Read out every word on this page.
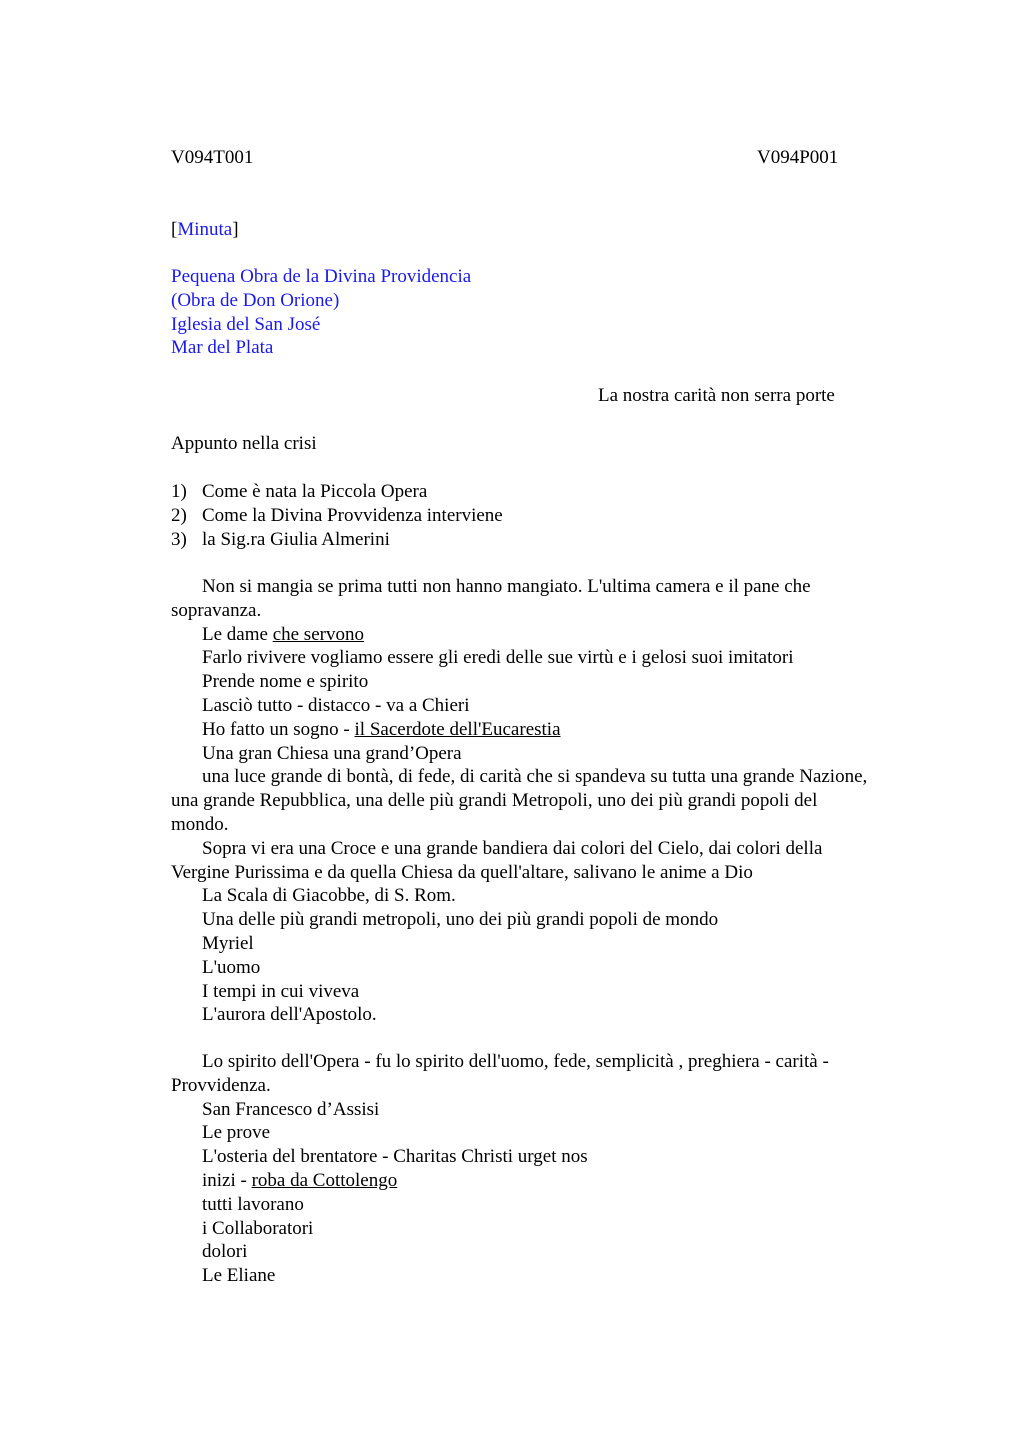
V094T001	V094P001
[Minuta]
Pequena Obra de la Divina Providencia
(Obra de Don Orione)
Iglesia del San José
Mar del Plata
La nostra carità non serra porte
Appunto nella crisi
1) Come è nata la Piccola Opera
2) Come la Divina Provvidenza interviene
3) la Sig.ra Giulia Almerini
Non si mangia se prima tutti non hanno mangiato. L'ultima camera e il pane che
sopravanza.
Le dame che servono
Farlo rivivere vogliamo essere gli eredi delle sue virtù e i gelosi suoi imitatori
Prende nome e spirito
Lasciò tutto - distacco - va a Chieri
Ho fatto un sogno - il Sacerdote dell'Eucarestia
Una gran Chiesa una grand’Opera
una luce grande di bontà, di fede, di carità che si spandeva su tutta una grande Nazione,
una grande Repubblica, una delle più grandi Metropoli, uno dei più grandi popoli del
mondo.
Sopra vi era una Croce e una grande bandiera dai colori del Cielo, dai colori della
Vergine Purissima e da quella Chiesa da quell'altare, salivano le anime a Dio
La Scala di Giacobbe, di S. Rom.
Una delle più grandi metropoli, uno dei più grandi popoli de mondo
Myriel
L'uomo
I tempi in cui viveva
L'aurora dell'Apostolo.
Lo spirito dell'Opera - fu lo spirito dell'uomo, fede, semplicità , preghiera - carità -
Provvidenza.
San Francesco d’Assisi
Le prove
L'osteria del brentatore - Charitas Christi urget nos
inizi - roba da Cottolengo
tutti lavorano
i Collaboratori
dolori
Le Eliane
